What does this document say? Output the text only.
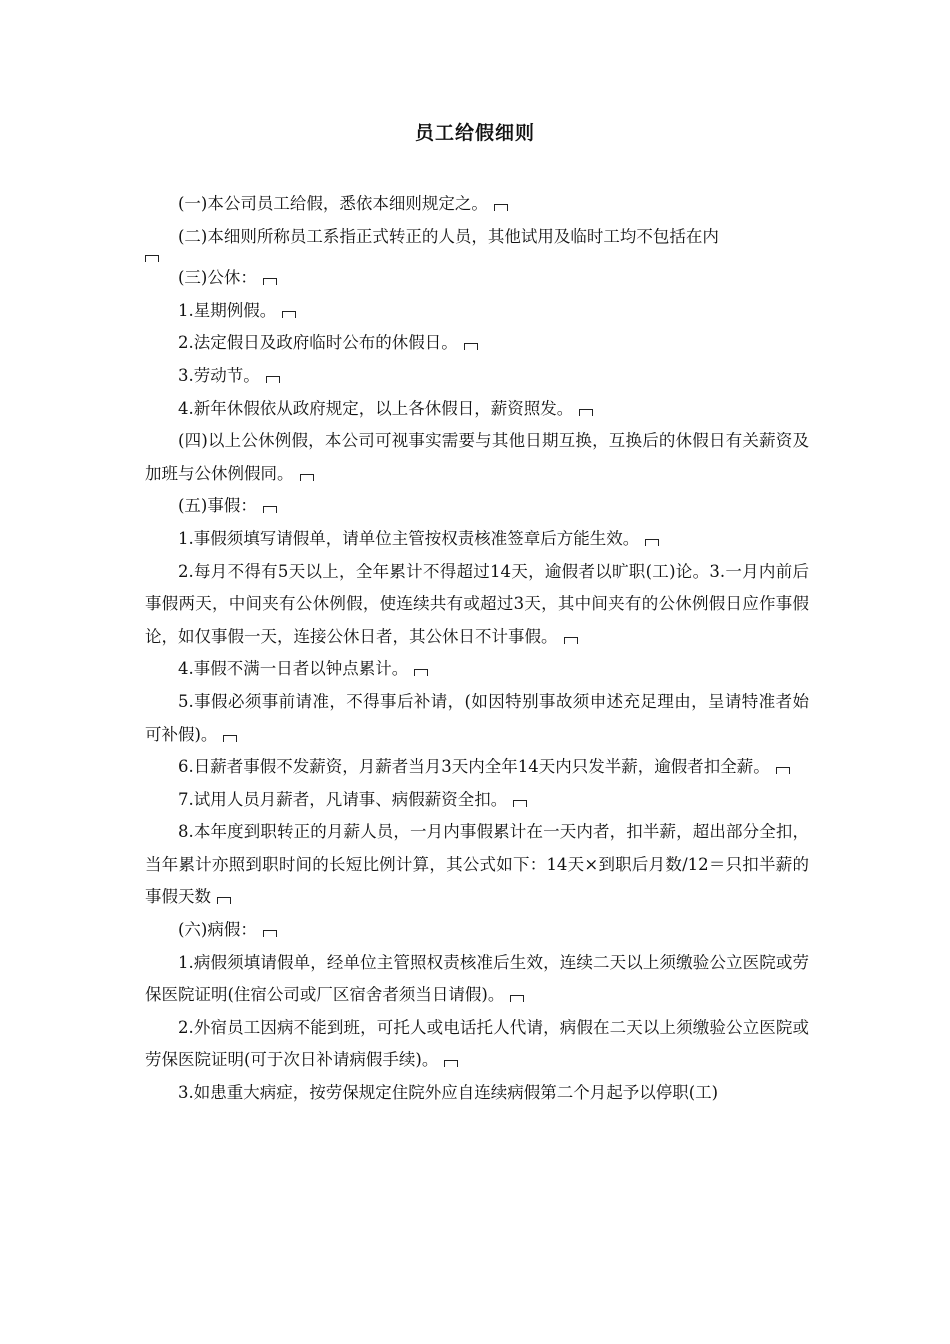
员工给假细则

(一)本公司员工给假，悉依本细则规定之。

(二)本细则所称员工系指正式转正的人员，其他试用及临时工均不包括在内

(三)公休：

1.星期例假。

2.法定假日及政府临时公布的休假日。

3.劳动节。

4.新年休假依从政府规定，以上各休假日，薪资照发。

(四)以上公休例假，本公司可视事实需要与其他日期互换，互换后的休假日有关薪资及加班与公休例假同。

(五)事假：

1.事假须填写请假单，请单位主管按权责核准签章后方能生效。

2.每月不得有5天以上，全年累计不得超过14天，逾假者以旷职(工)论。3.一月内前后事假两天，中间夹有公休例假，使连续共有或超过3天，其中间夹有的公休例假日应作事假论，如仅事假一天，连接公休日者，其公休日不计事假。

4.事假不满一日者以钟点累计。

5.事假必须事前请准，不得事后补请，(如因特别事故须申述充足理由，呈请特准者始可补假)。

6.日薪者事假不发薪资，月薪者当月3天内全年14天内只发半薪，逾假者扣全薪。

7.试用人员月薪者，凡请事、病假薪资全扣。

8.本年度到职转正的月薪人员，一月内事假累计在一天内者，扣半薪，超出部分全扣，当年累计亦照到职时间的长短比例计算，其公式如下：14天×到职后月数/12＝只扣半薪的事假天数

(六)病假：

1.病假须填请假单，经单位主管照权责核准后生效，连续二天以上须缴验公立医院或劳保医院证明(住宿公司或厂区宿舍者须当日请假)。

2.外宿员工因病不能到班，可托人或电话托人代请，病假在二天以上须缴验公立医院或劳保医院证明(可于次日补请病假手续)。

3.如患重大病症，按劳保规定住院外应自连续病假第二个月起予以停职(工)
